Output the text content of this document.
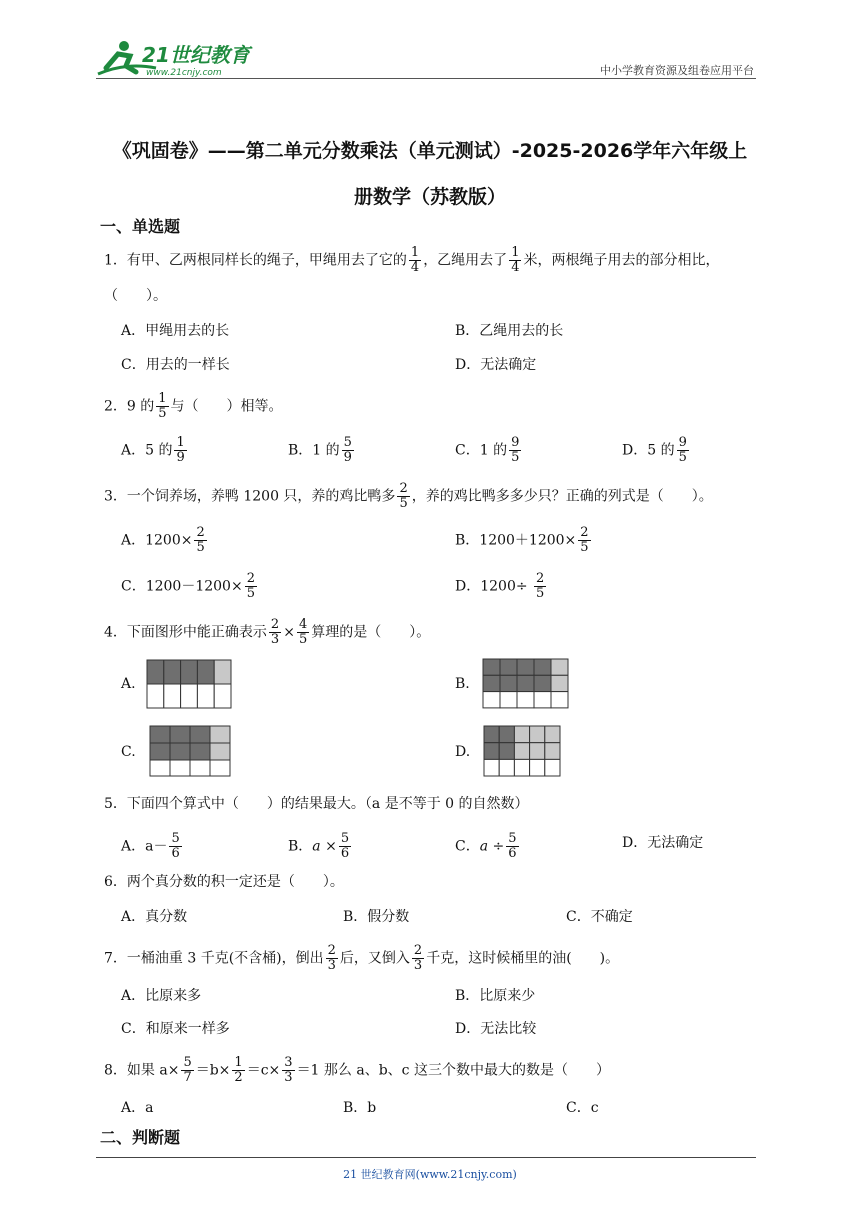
21世纪教育
www.21cnjy.com	中小学教育资源及组卷应用平台
《巩固卷》——第二单元分数乘法（单元测试）-2025-2026学年六年级上
册数学（苏教版）
一、单选题
1．有甲、乙两根同样长的绳子，甲绳用去了它的 $\frac{1}{4}$ ，乙绳用去了 $\frac{1}{4}$ 米，两根绳子用去的部分相比，
（　　）。
A．甲绳用去的长	B．乙绳用去的长
C．用去的一样长	D．无法确定
2．9 的 $\frac{1}{5}$ 与（　　）相等。
A．5 的 $\frac{1}{9}$	B．1 的 $\frac{5}{9}$	C．1 的 $\frac{9}{5}$	D．5 的 $\frac{9}{5}$
3．一个饲养场，养鸭 1200 只，养的鸡比鸭多 $\frac{2}{5}$ ，养的鸡比鸭多多少只？正确的列式是（　　）。
A．$1200\times \frac{2}{5}$	B．$1200+1200\times \frac{2}{5}$
C．$1200-1200\times \frac{2}{5}$	D．$1200\div \frac{2}{5}$
4．下面图形中能正确表示 $\frac{2}{3} \times \frac{4}{5}$ 算理的是（　　）。
A.	B.
C.	D.
5．下面四个算式中（　　）的结果最大。（a 是不等于 0 的自然数）
A．$a- \frac{5}{6}$	B．$a \times \frac{5}{6}$	C．$a \div \frac{5}{6}$	D．无法确定
6．两个真分数的积一定还是（　　）。
A．真分数	B．假分数	C．不确定
7．一桶油重 3 千克(不含桶)，倒出 $\frac{2}{3}$ 后，又倒入 $\frac{2}{3}$ 千克，这时候桶里的油(　　)。
A．比原来多	B．比原来少
C．和原来一样多	D．无法比较
8．如果 $a\times \frac{5}{7} =b\times \frac{1}{2} =c\times \frac{3}{3} =1$ 那么 a、b、c 这三个数中最大的数是（　　）
A．a	B．b	C．c
二、判断题
21 世纪教育网(www.21cnjy.com)
